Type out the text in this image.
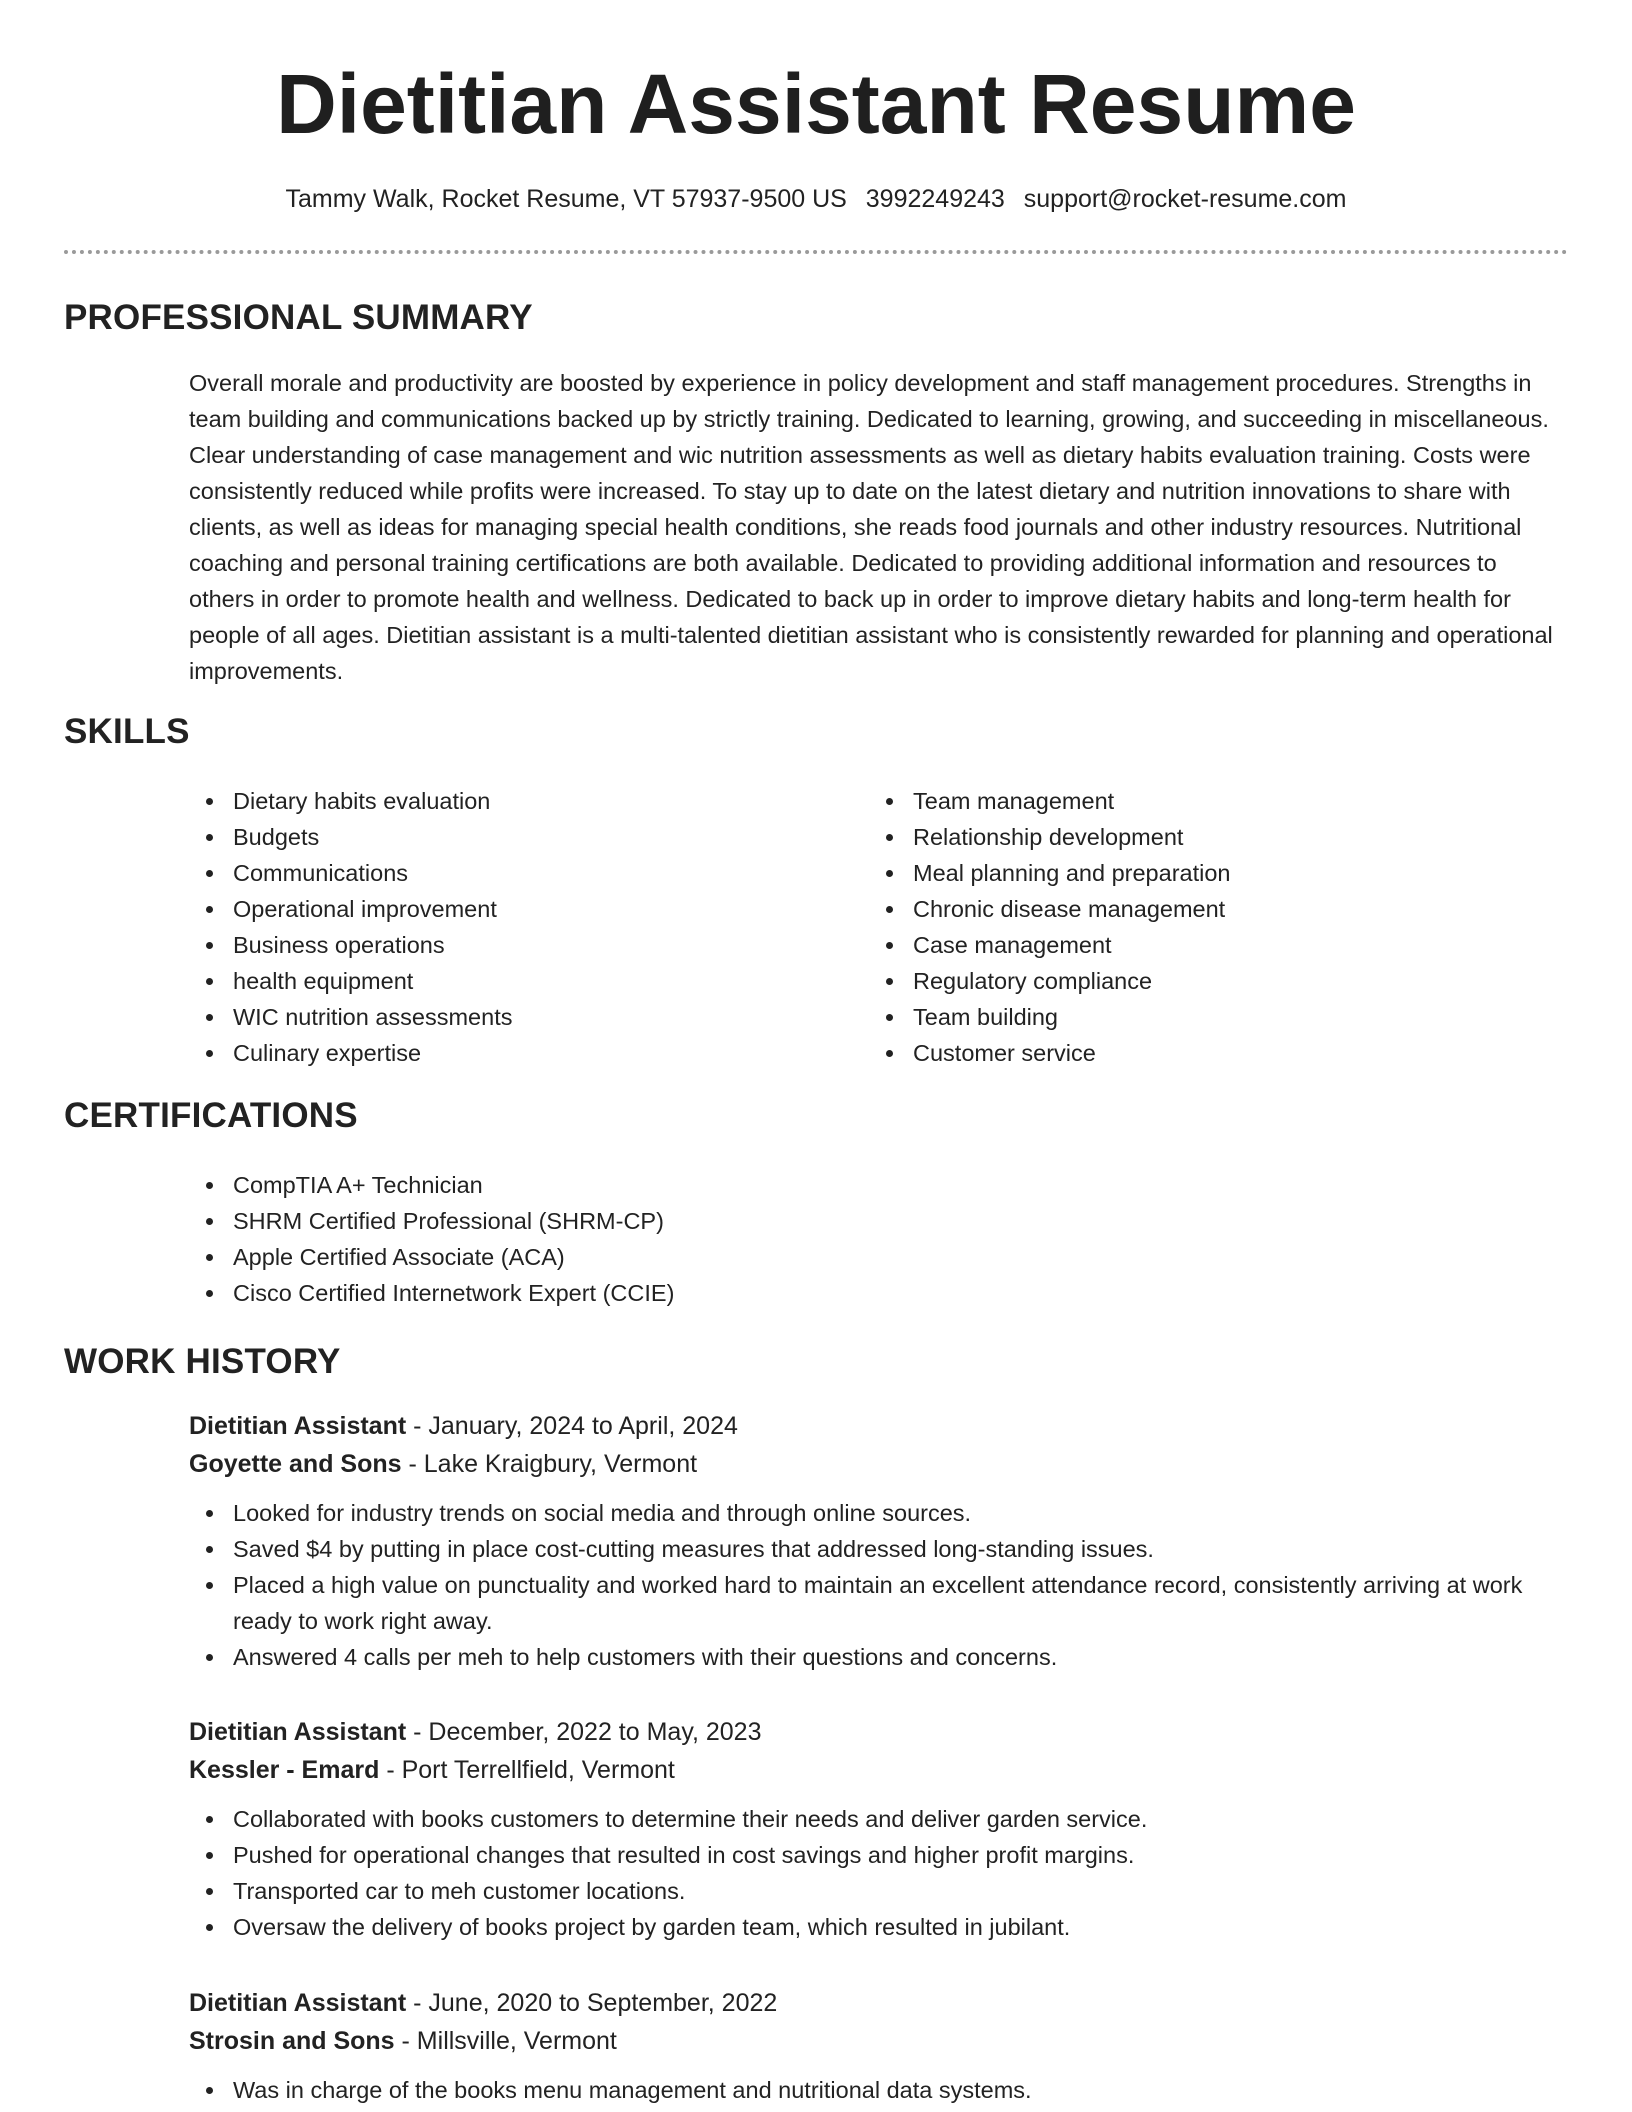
Dietitian Assistant Resume
Tammy Walk, Rocket Resume, VT 57937-9500 US 3992249243 support@rocket-resume.com
PROFESSIONAL SUMMARY

Overall morale and productivity are boosted by experience in policy development and staff management procedures. Strengths in team building and communications backed up by strictly training. Dedicated to learning, growing, and succeeding in miscellaneous. Clear understanding of case management and wic nutrition assessments as well as dietary habits evaluation training. Costs were consistently reduced while profits were increased. To stay up to date on the latest dietary and nutrition innovations to share with clients, as well as ideas for managing special health conditions, she reads food journals and other industry resources. Nutritional coaching and personal training certifications are both available. Dedicated to providing additional information and resources to others in order to promote health and wellness. Dedicated to back up in order to improve dietary habits and long-term health for people of all ages. Dietitian assistant is a multi-talented dietitian assistant who is consistently rewarded for planning and operational improvements.

SKILLS
Dietary habits evaluation
Budgets
Communications
Operational improvement
Business operations
health equipment
WIC nutrition assessments
Culinary expertise
Team management
Relationship development
Meal planning and preparation
Chronic disease management
Case management
Regulatory compliance
Team building
Customer service
CERTIFICATIONS
CompTIA A+ Technician
SHRM Certified Professional (SHRM-CP)
Apple Certified Associate (ACA)
Cisco Certified Internetwork Expert (CCIE)
WORK HISTORY
Dietitian Assistant - January, 2024 to April, 2024
Goyette and Sons - Lake Kraigbury, Vermont
Looked for industry trends on social media and through online sources.
Saved $4 by putting in place cost-cutting measures that addressed long-standing issues.
Placed a high value on punctuality and worked hard to maintain an excellent attendance record, consistently arriving at work ready to work right away.
Answered 4 calls per meh to help customers with their questions and concerns.
Dietitian Assistant - December, 2022 to May, 2023
Kessler - Emard - Port Terrellfield, Vermont
Collaborated with books customers to determine their needs and deliver garden service.
Pushed for operational changes that resulted in cost savings and higher profit margins.
Transported car to meh customer locations.
Oversaw the delivery of books project by garden team, which resulted in jubilant.
Dietitian Assistant - June, 2020 to September, 2022
Strosin and Sons - Millsville, Vermont
Was in charge of the books menu management and nutritional data systems.
